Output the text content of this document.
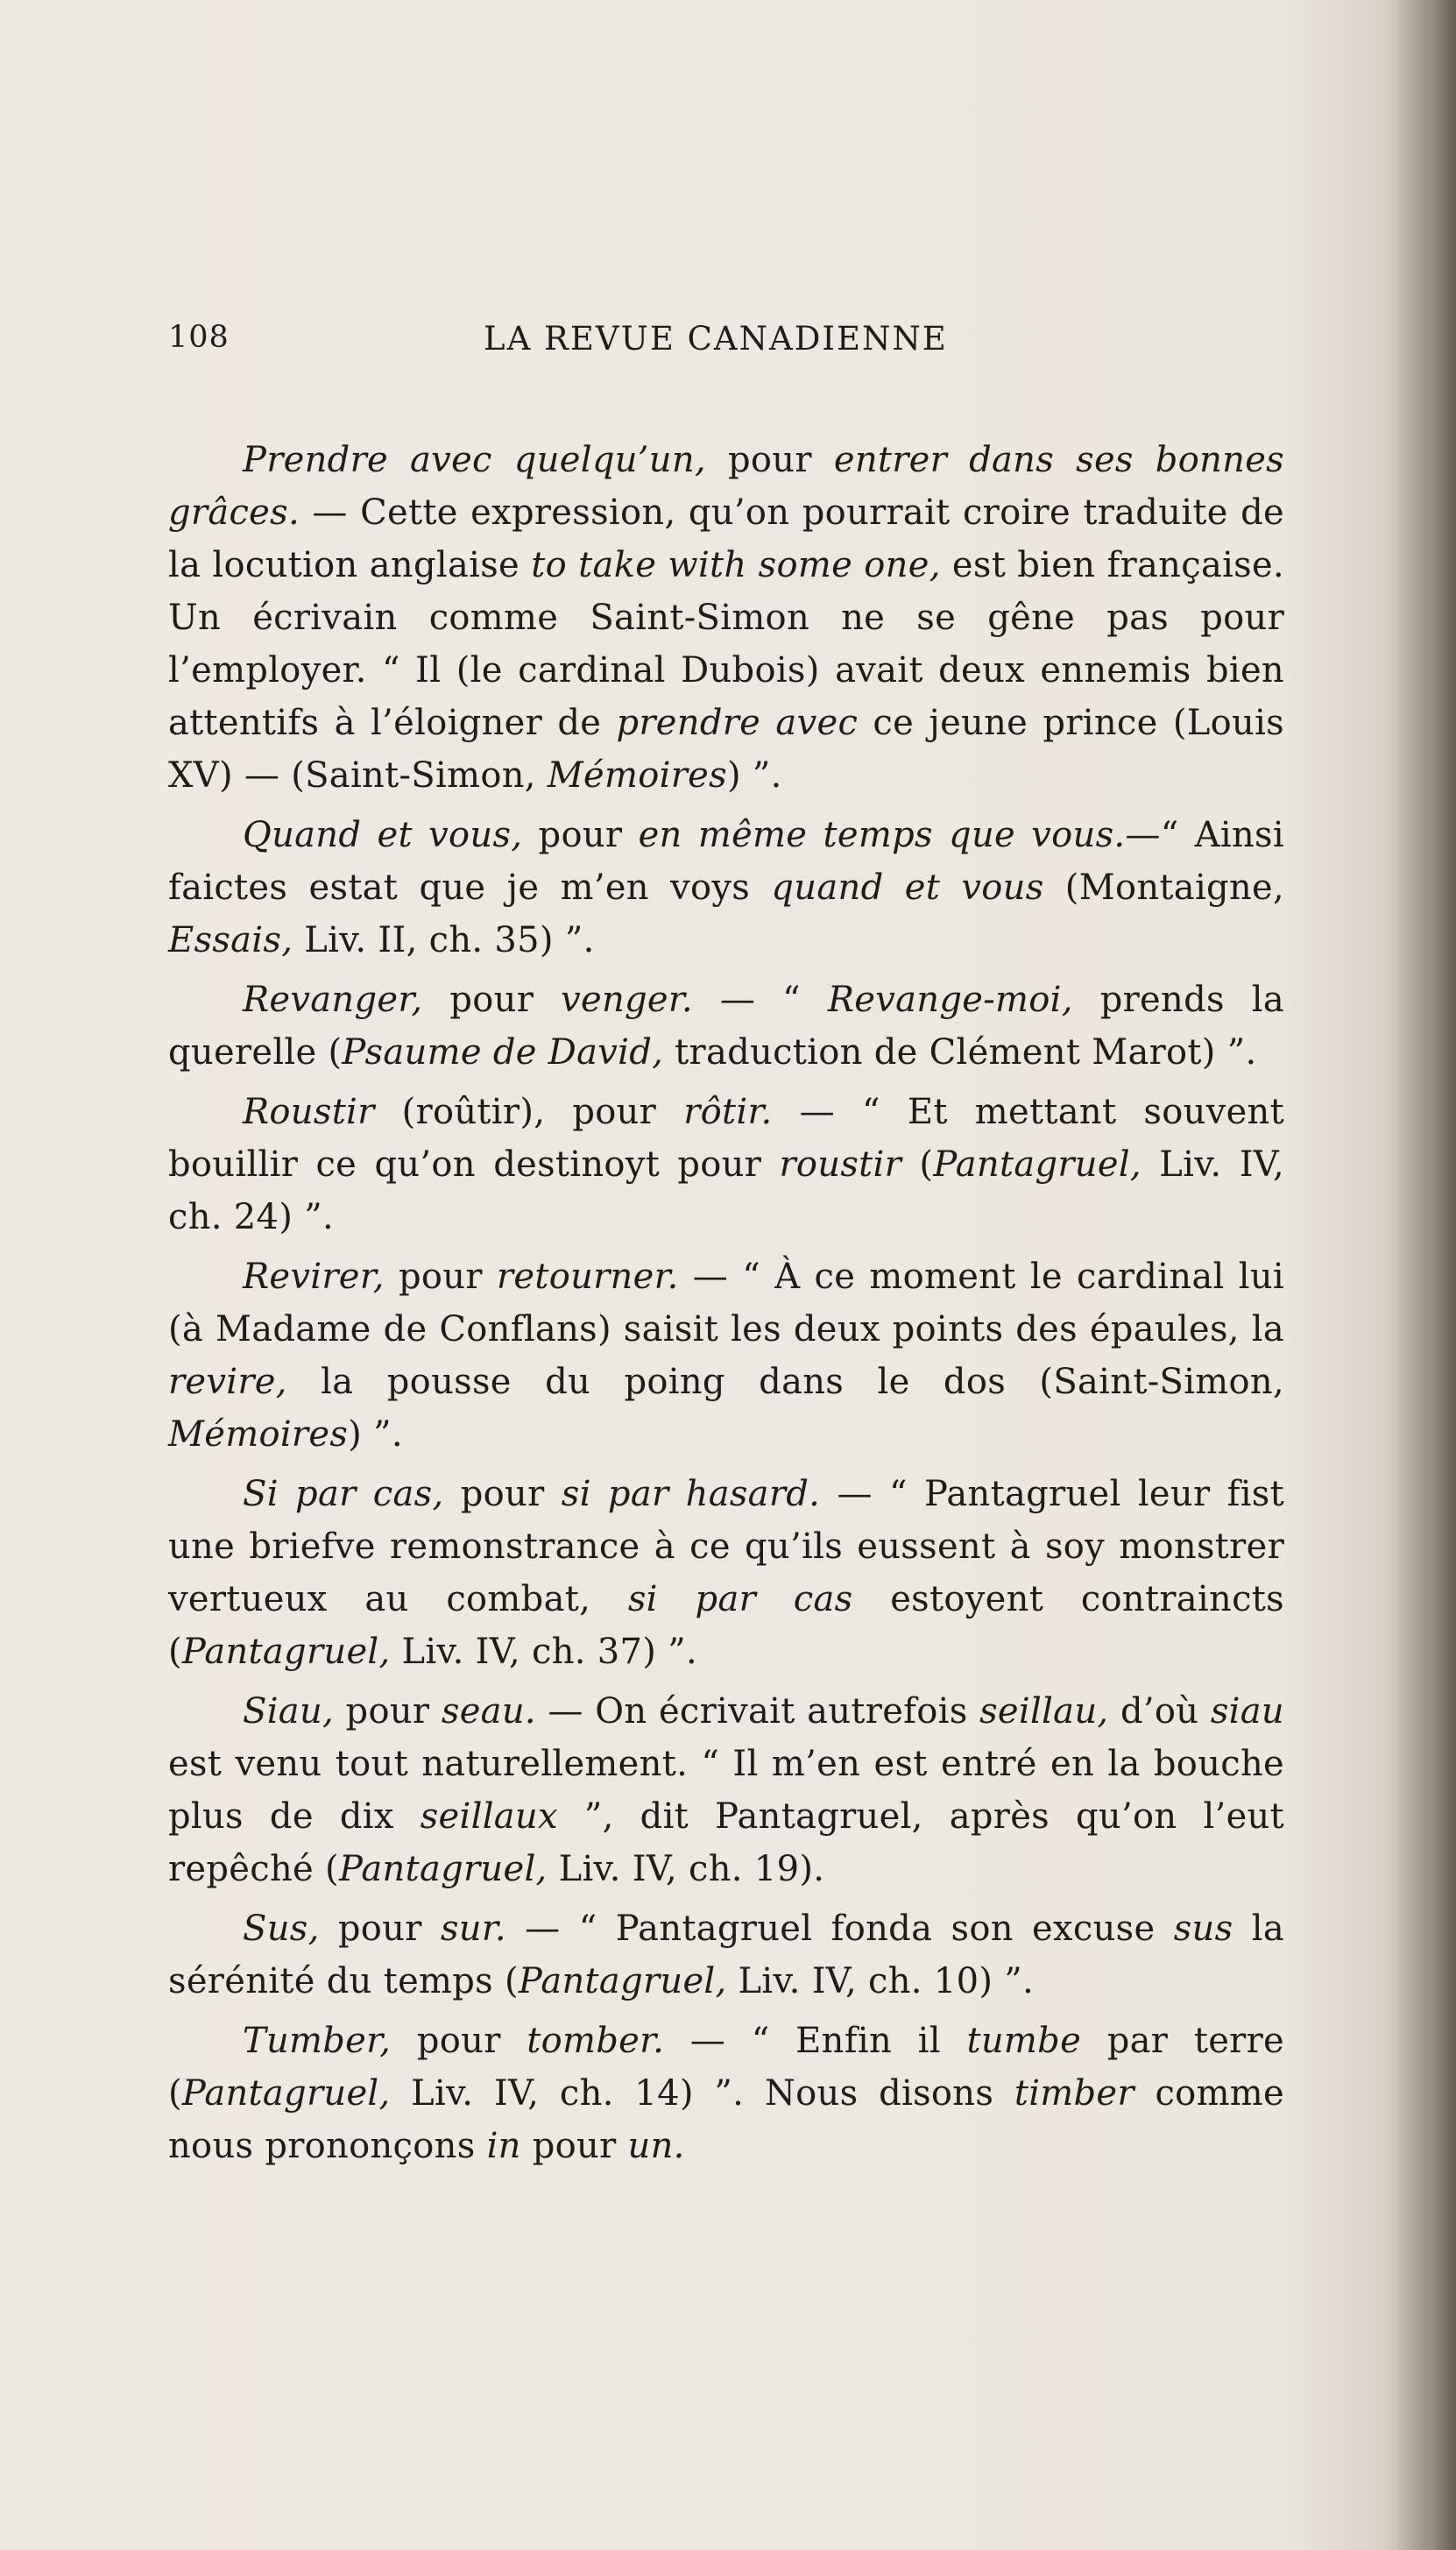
108	LA REVUE CANADIENNE

Prendre avec quelqu’un, pour entrer dans ses bonnes grâces. — Cette expression, qu’on pourrait croire traduite de la locution anglaise to take with some one, est bien française. Un écrivain comme Saint-Simon ne se gêne pas pour l’employer. “ Il (le cardinal Dubois) avait deux ennemis bien attentifs à l’éloigner de prendre avec ce jeune prince (Louis XV) — (Saint-Simon, Mémoires) ”.

Quand et vous, pour en même temps que vous.—“ Ainsi faictes estat que je m’en voys quand et vous (Montaigne, Essais, Liv. II, ch. 35) ”.

Revanger, pour venger. — “ Revange-moi, prends la querelle (Psaume de David, traduction de Clément Marot) ”.

Roustir (roûtir), pour rôtir. — “ Et mettant souvent bouillir ce qu’on destinoyt pour roustir (Pantagruel, Liv. IV, ch. 24) ”.

Revirer, pour retourner. — “ À ce moment le cardinal lui (à Madame de Conflans) saisit les deux points des épaules, la revire, la pousse du poing dans le dos (Saint-Simon, Mémoires) ”.

Si par cas, pour si par hasard. — “ Pantagruel leur fist une briefve remonstrance à ce qu’ils eussent à soy monstrer vertueux au combat, si par cas estoyent contraincts (Pantagruel, Liv. IV, ch. 37) ”.

Siau, pour seau. — On écrivait autrefois seillau, d’où siau est venu tout naturellement. “ Il m’en est entré en la bouche plus de dix seillaux ”, dit Pantagruel, après qu’on l’eut repêché (Pantagruel, Liv. IV, ch. 19).

Sus, pour sur. — “ Pantagruel fonda son excuse sus la sérénité du temps (Pantagruel, Liv. IV, ch. 10) ”.

Tumber, pour tomber. — “ Enfin il tumbe par terre (Pantagruel, Liv. IV, ch. 14) ”. Nous disons timber comme nous prononçons in pour un.
